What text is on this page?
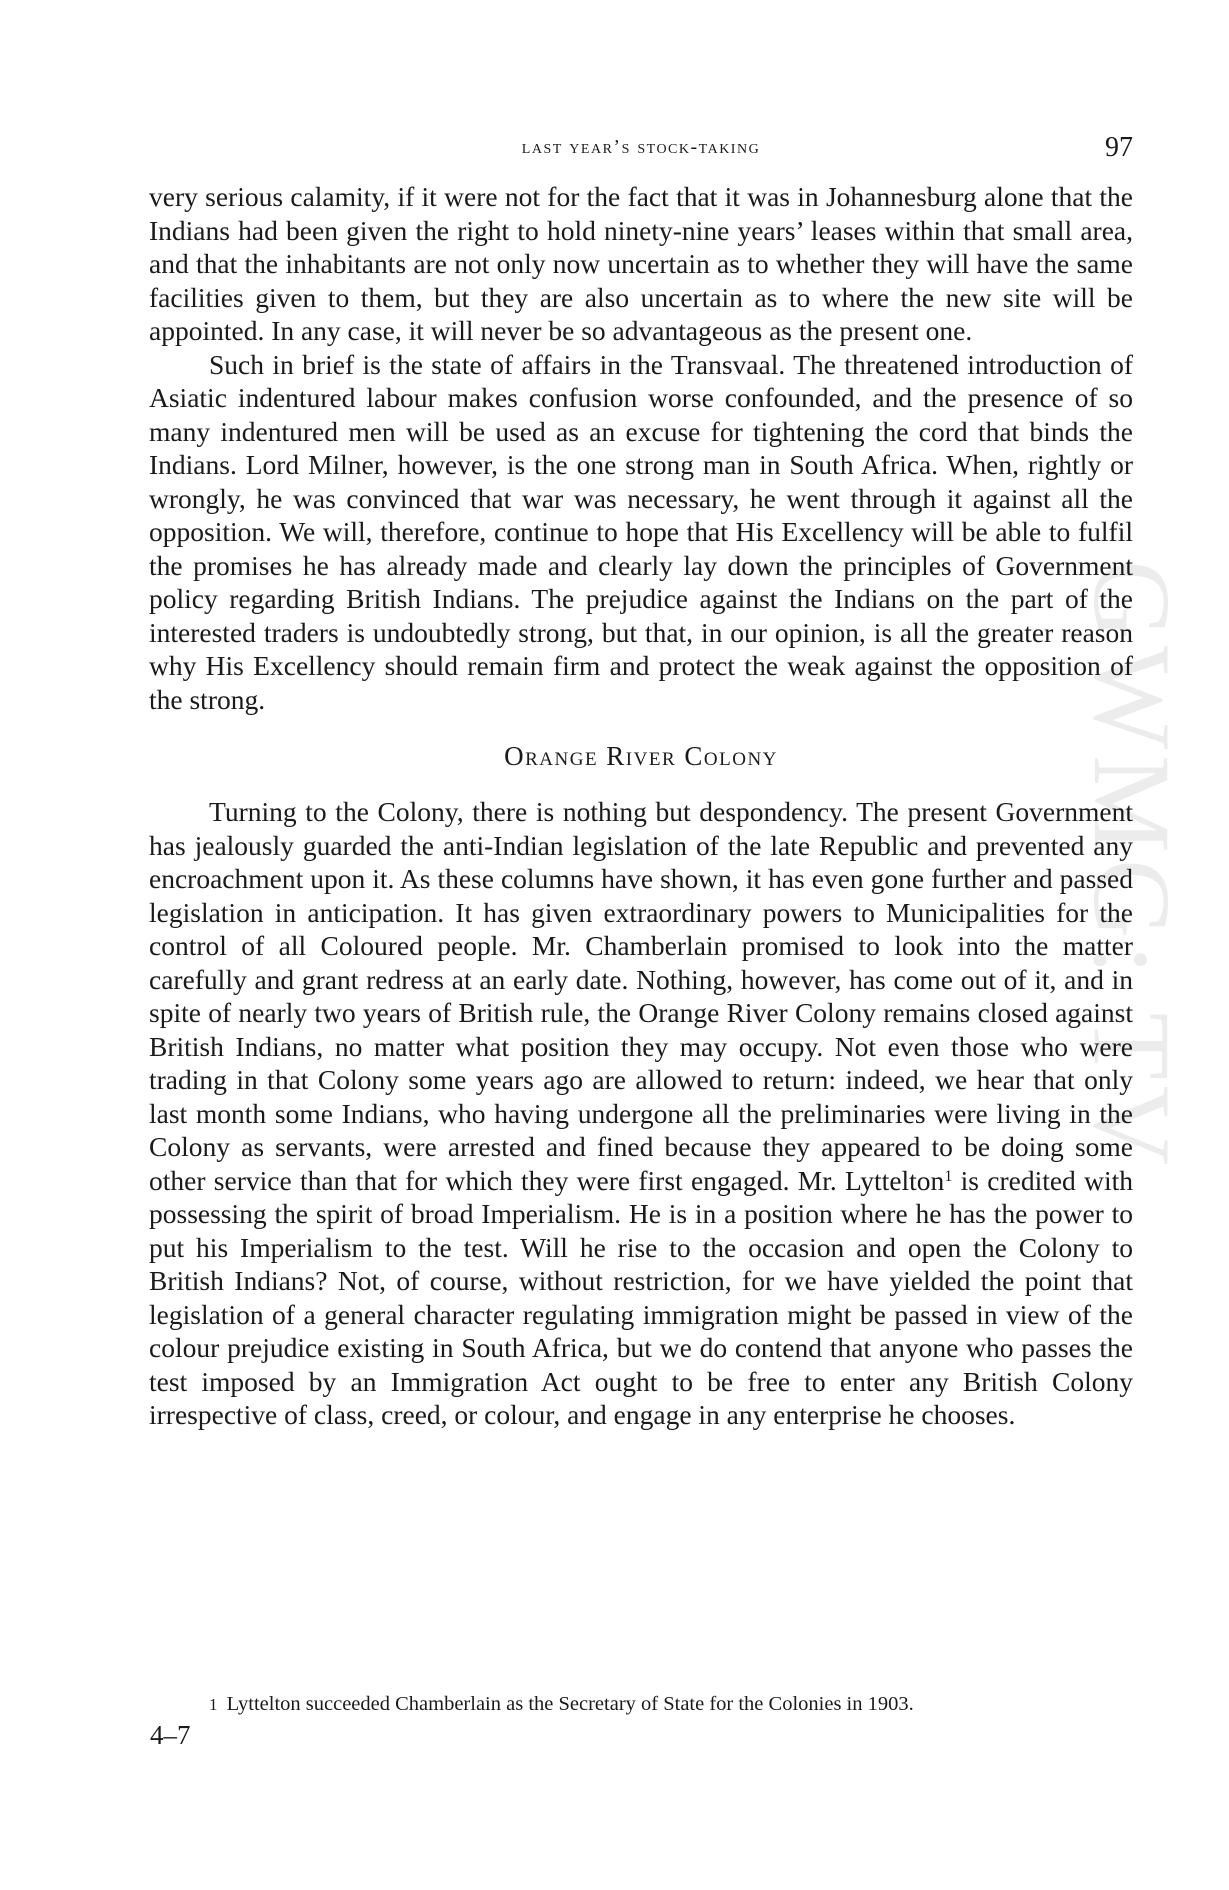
GWMG: TV
last year’s stock-taking	97

very serious calamity, if it were not for the fact that it was in Johannesburg alone that the Indians had been given the right to hold ninety-nine years’ leases within that small area, and that the inhabitants are not only now uncertain as to whether they will have the same facilities given to them, but they are also uncertain as to where the new site will be appointed. In any case, it will never be so advantageous as the present one.

Such in brief is the state of affairs in the Transvaal. The threatened introduction of Asiatic indentured labour makes confusion worse confounded, and the presence of so many indentured men will be used as an excuse for tightening the cord that binds the Indians. Lord Milner, however, is the one strong man in South Africa. When, rightly or wrongly, he was convinced that war was necessary, he went through it against all the opposition. We will, therefore, continue to hope that His Excellency will be able to fulfil the promises he has already made and clearly lay down the principles of Government policy regarding British Indians. The prejudice against the Indians on the part of the interested traders is undoubtedly strong, but that, in our opinion, is all the greater reason why His Excellency should remain firm and protect the weak against the opposition of the strong.

Orange River Colony

Turning to the Colony, there is nothing but despondency. The present Government has jealously guarded the anti-Indian legislation of the late Republic and prevented any encroachment upon it. As these columns have shown, it has even gone further and passed legislation in anticipation. It has given extraordinary powers to Municipalities for the control of all Coloured people. Mr. Chamberlain promised to look into the matter carefully and grant redress at an early date. Nothing, however, has come out of it, and in spite of nearly two years of British rule, the Orange River Colony remains closed against British Indians, no matter what position they may occupy. Not even those who were trading in that Colony some years ago are allowed to return: indeed, we hear that only last month some Indians, who having undergone all the preliminaries were living in the Colony as servants, were arrested and fined because they appeared to be doing some other service than that for which they were first engaged. Mr. Lyttelton$^1$ is credited with possessing the spirit of broad Imperialism. He is in a position where he has the power to put his Imperialism to the test. Will he rise to the occasion and open the Colony to British Indians? Not, of course, without restriction, for we have yielded the point that legislation of a general character regulating immigration might be passed in view of the colour prejudice existing in South Africa, but we do contend that anyone who passes the test imposed by an Immigration Act ought to be free to enter any British Colony irrespective of class, creed, or colour, and engage in any enterprise he chooses.

1 Lyttelton succeeded Chamberlain as the Secretary of State for the Colonies in 1903.
4–7
